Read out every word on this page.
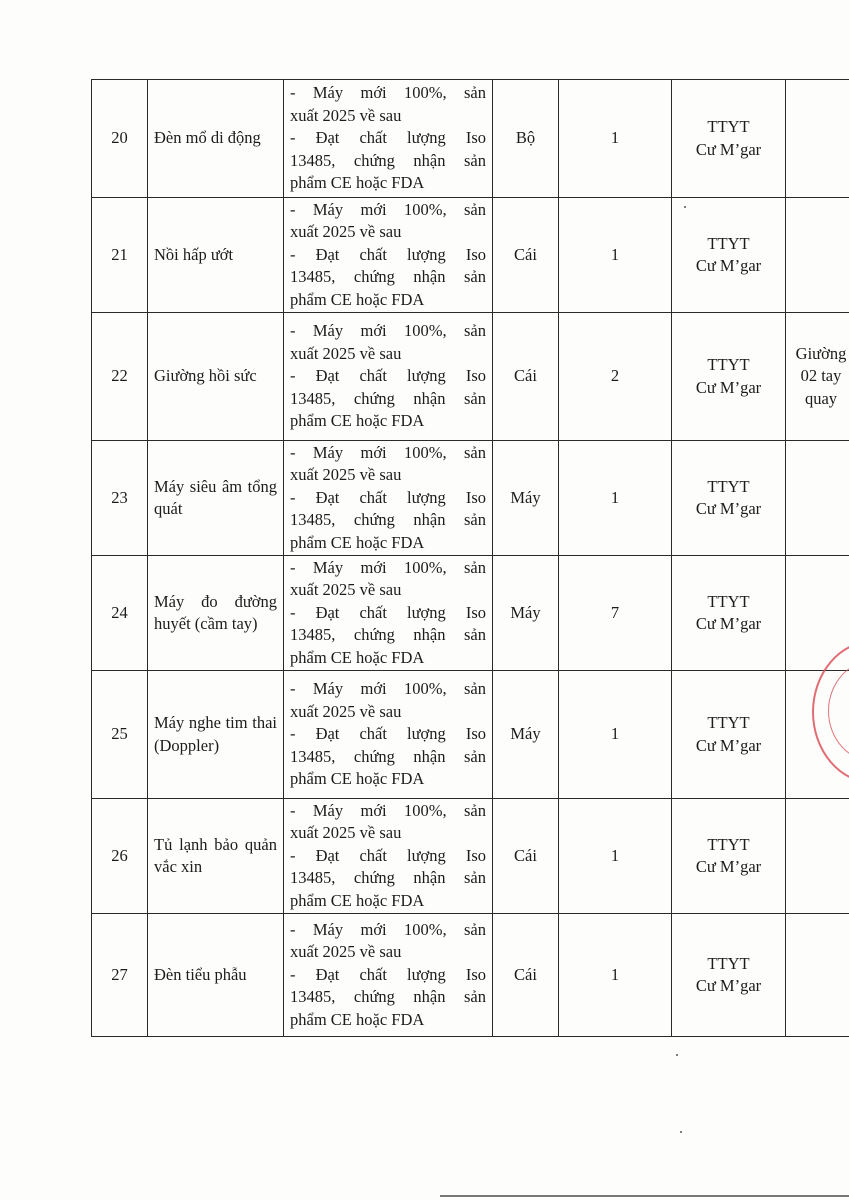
20	Đèn mổ di động	- Máy mới 100%, sản
xuất 2025 về sau
- Đạt chất lượng Iso
13485, chứng nhận sản
phẩm CE hoặc FDA	Bộ	1	TTYT
Cư M’gar	

21	Nồi hấp ướt	- Máy mới 100%, sản
xuất 2025 về sau
- Đạt chất lượng Iso
13485, chứng nhận sản
phẩm CE hoặc FDA	Cái	1	TTYT
Cư M’gar	

22	Giường hồi sức	- Máy mới 100%, sản
xuất 2025 về sau
- Đạt chất lượng Iso
13485, chứng nhận sản
phẩm CE hoặc FDA	Cái	2	TTYT
Cư M’gar	Giường 02 tay quay
23	Máy siêu âm tổng quát	- Máy mới 100%, sản
xuất 2025 về sau
- Đạt chất lượng Iso
13485, chứng nhận sản
phẩm CE hoặc FDA	Máy	1	TTYT
Cư M’gar	

24	Máy đo đường huyết (cầm tay)	- Máy mới 100%, sản
xuất 2025 về sau
- Đạt chất lượng Iso
13485, chứng nhận sản
phẩm CE hoặc FDA	Máy	7	TTYT
Cư M’gar	

25	Máy nghe tim thai (Doppler)	- Máy mới 100%, sản
xuất 2025 về sau
- Đạt chất lượng Iso
13485, chứng nhận sản
phẩm CE hoặc FDA	Máy	1	TTYT
Cư M’gar	

26	Tủ lạnh bảo quản vắc xin	- Máy mới 100%, sản
xuất 2025 về sau
- Đạt chất lượng Iso
13485, chứng nhận sản
phẩm CE hoặc FDA	Cái	1	TTYT
Cư M’gar	

27	Đèn tiểu phẫu	- Máy mới 100%, sản
xuất 2025 về sau
- Đạt chất lượng Iso
13485, chứng nhận sản
phẩm CE hoặc FDA	Cái	1	TTYT
Cư M’gar	
